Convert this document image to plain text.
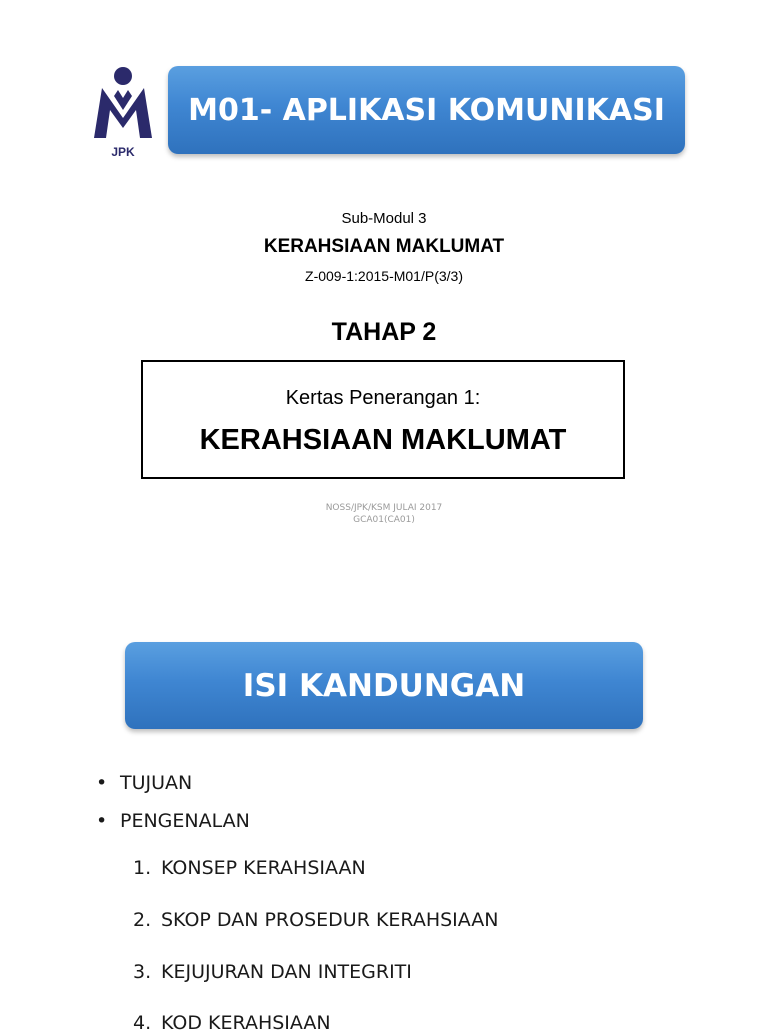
JPK
M01- APLIKASI KOMUNIKASI
Sub-Modul 3
KERAHSIAAN MAKLUMAT
Z-009-1:2015-M01/P(3/3)
TAHAP 2
Kertas Penerangan 1:
KERAHSIAAN MAKLUMAT
NOSS/JPK/KSM JULAI 2017
GCA01(CA01)
ISI KANDUNGAN
• TUJUAN
• PENGENALAN
1. KONSEP KERAHSIAAN
2. SKOP DAN PROSEDUR KERAHSIAAN
3. KEJUJURAN DAN INTEGRITI
4. KOD KERAHSIAAN
